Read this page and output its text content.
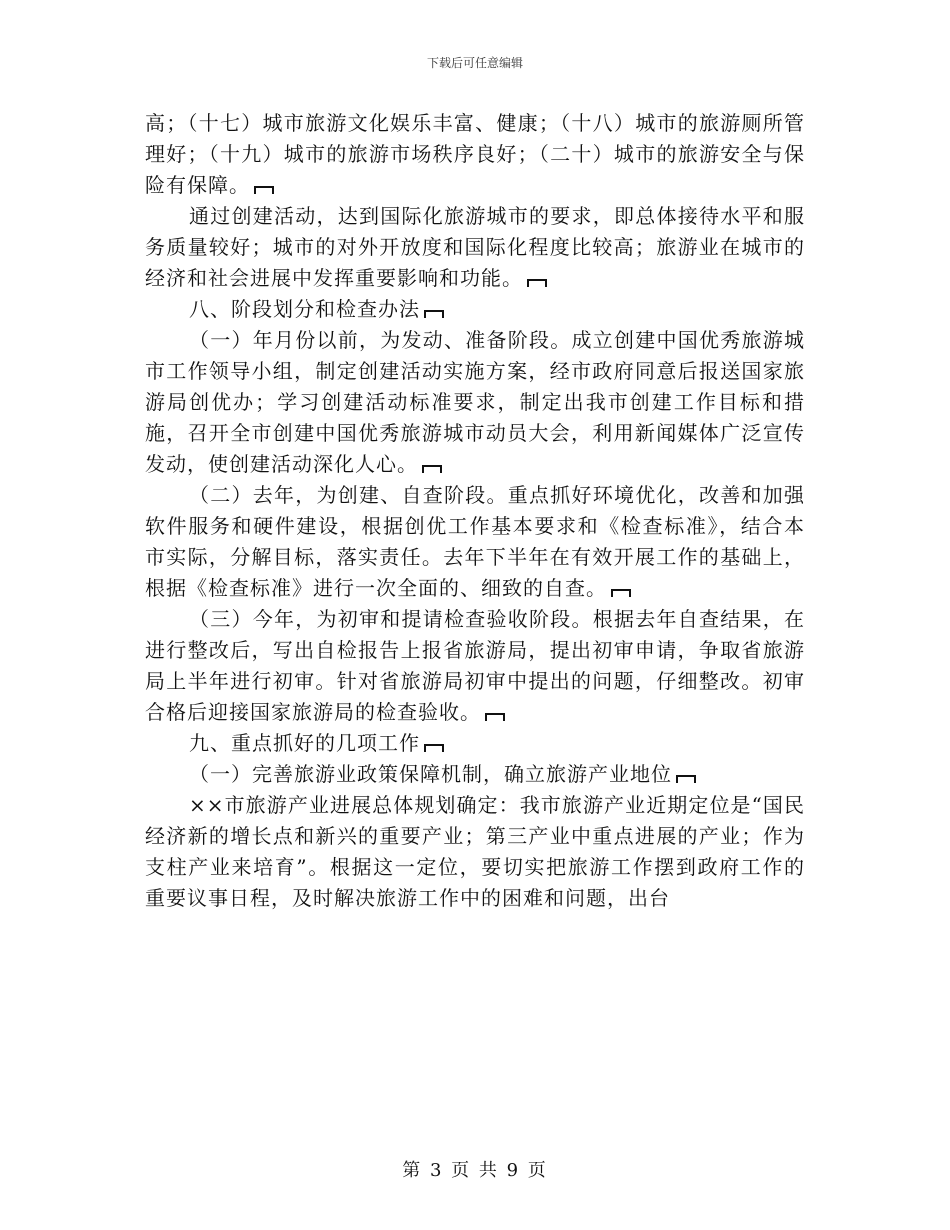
下载后可任意编辑

高；（十七）城市旅游文化娱乐丰富、健康；（十八）城市的旅游厕所管理好；（十九）城市的旅游市场秩序良好；（二十）城市的旅游安全与保险有保障。

通过创建活动，达到国际化旅游城市的要求，即总体接待水平和服务质量较好；城市的对外开放度和国际化程度比较高；旅游业在城市的经济和社会进展中发挥重要影响和功能。

八、阶段划分和检查办法

（一）年月份以前，为发动、准备阶段。成立创建中国优秀旅游城市工作领导小组，制定创建活动实施方案，经市政府同意后报送国家旅游局创优办；学习创建活动标准要求，制定出我市创建工作目标和措施，召开全市创建中国优秀旅游城市动员大会，利用新闻媒体广泛宣传发动，使创建活动深化人心。

（二）去年，为创建、自查阶段。重点抓好环境优化，改善和加强软件服务和硬件建设，根据创优工作基本要求和《检查标准》，结合本市实际，分解目标，落实责任。去年下半年在有效开展工作的基础上，根据《检查标准》进行一次全面的、细致的自查。

（三）今年，为初审和提请检查验收阶段。根据去年自查结果，在进行整改后，写出自检报告上报省旅游局，提出初审申请，争取省旅游局上半年进行初审。针对省旅游局初审中提出的问题，仔细整改。初审合格后迎接国家旅游局的检查验收。

九、重点抓好的几项工作

（一）完善旅游业政策保障机制，确立旅游产业地位

××市旅游产业进展总体规划确定：我市旅游产业近期定位是“国民经济新的增长点和新兴的重要产业；第三产业中重点进展的产业；作为支柱产业来培育”。根据这一定位，要切实把旅游工作摆到政府工作的重要议事日程，及时解决旅游工作中的困难和问题，出台

第 3 页 共 9 页
